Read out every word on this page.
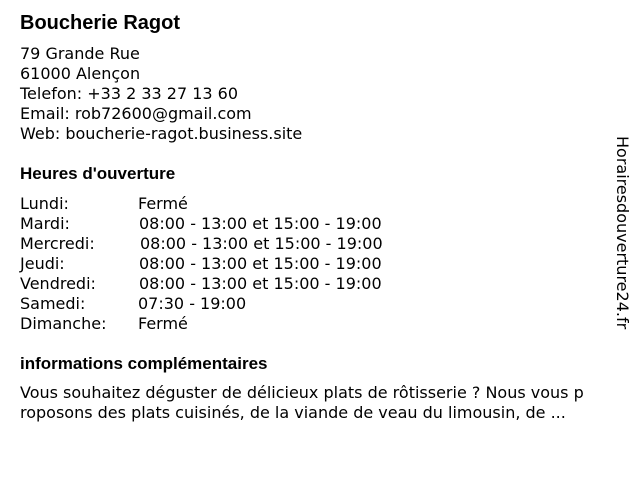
Boucherie Ragot

79 Grande Rue

61000 Alençon

Telefon: +33 2 33 27 13 60

Email: rob72600@gmail.com

Web: boucherie-ragot.business.site

Heures d'ouverture
Lundi:	Fermé
Mardi:	08:00 - 13:00 et 15:00 - 19:00
Mercredi:	08:00 - 13:00 et 15:00 - 19:00
Jeudi:	08:00 - 13:00 et 15:00 - 19:00
Vendredi:	08:00 - 13:00 et 15:00 - 19:00
Samedi:	07:30 - 19:00
Dimanche: Fermé
informations complémentaires

Vous souhaitez déguster de délicieux plats de rôtisserie ? Nous vous p
roposons des plats cuisinés, de la viande de veau du limousin, de ...

Horairesdouverture24.fr
